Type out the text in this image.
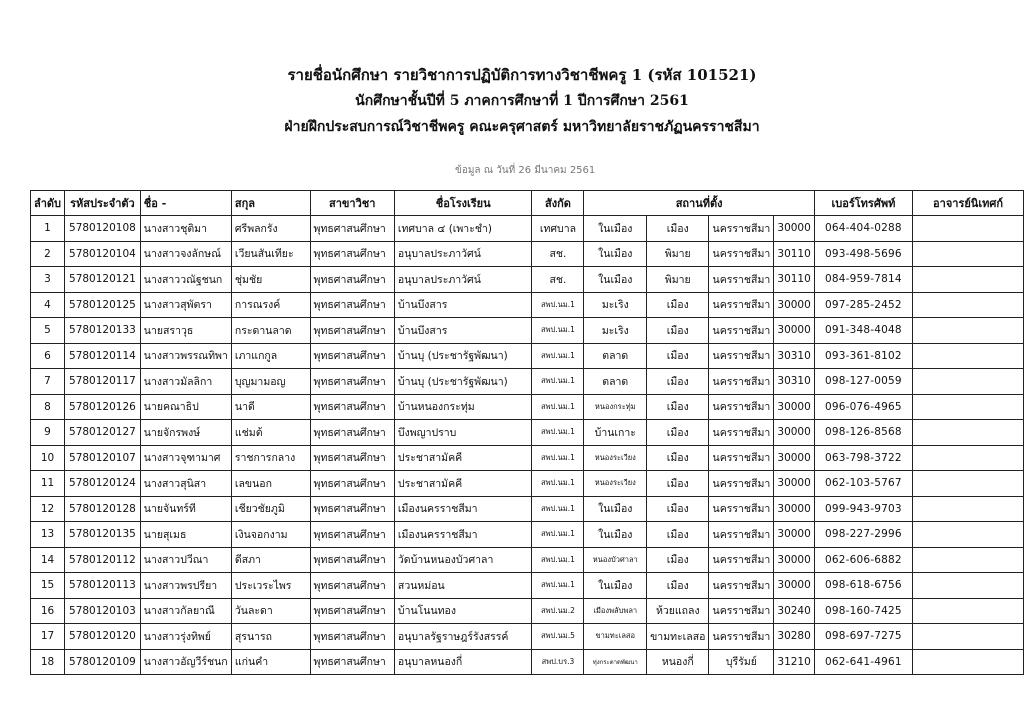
รายชื่อนักศึกษา รายวิชาการปฏิบัติการทางวิชาชีพครู 1 (รหัส 101521)
นักศึกษาชั้นปีที่ 5 ภาคการศึกษาที่ 1 ปีการศึกษา 2561
ฝ่ายฝึกประสบการณ์วิชาชีพครู คณะครุศาสตร์ มหาวิทยาลัยราชภัฏนครราชสีมา
ข้อมูล ณ วันที่ 26 มีนาคม 2561
ลำดับ	รหัสประจำตัว	ชื่อ -	สกุล	สาขาวิชา	ชื่อโรงเรียน	สังกัด	สถานที่ตั้ง				เบอร์โทรศัพท์	อาจารย์นิเทศก์
1	5780120108	นางสาวชุติมา	ศรีพลกรัง	พุทธศาสนศึกษา	เทศบาล ๔ (เพาะชำ)	เทศบาล	ในเมือง	เมือง	นครราชสีมา	30000	064-404-0288	
2	5780120104	นางสาวจงลักษณ์	เวียนสันเทียะ	พุทธศาสนศึกษา	อนุบาลประภาวัศน์	สช.	ในเมือง	พิมาย	นครราชสีมา	30110	093-498-5696	
3	5780120121	นางสาววณัฐชนก	ชุ่มชัย	พุทธศาสนศึกษา	อนุบาลประภาวัศน์	สช.	ในเมือง	พิมาย	นครราชสีมา	30110	084-959-7814	
4	5780120125	นางสาวสุพัตรา	การณรงค์	พุทธศาสนศึกษา	บ้านบึงสาร	สพป.นม.1	มะเริง	เมือง	นครราชสีมา	30000	097-285-2452	
5	5780120133	นายสราวุธ	กระดานลาด	พุทธศาสนศึกษา	บ้านบึงสาร	สพป.นม.1	มะเริง	เมือง	นครราชสีมา	30000	091-348-4048	
6	5780120114	นางสาวพรรณทิพา	เภาแกกูล	พุทธศาสนศึกษา	บ้านบุ (ประชารัฐพัฒนา)	สพป.นม.1	ตลาด	เมือง	นครราชสีมา	30310	093-361-8102	
7	5780120117	นางสาวมัลลิกา	บุญมามอญ	พุทธศาสนศึกษา	บ้านบุ (ประชารัฐพัฒนา)	สพป.นม.1	ตลาด	เมือง	นครราชสีมา	30310	098-127-0059	
8	5780120126	นายคณาธิป	นาดี	พุทธศาสนศึกษา	บ้านหนองกระทุ่ม	สพป.นม.1	หนองกระทุ่ม	เมือง	นครราชสีมา	30000	096-076-4965	
9	5780120127	นายจักรพงษ์	แช่มต้	พุทธศาสนศึกษา	บึงพญาปราบ	สพป.นม.1	บ้านเกาะ	เมือง	นครราชสีมา	30000	098-126-8568	
10	5780120107	นางสาวจุฑามาศ	ราชการกลาง	พุทธศาสนศึกษา	ประชาสามัคคี	สพป.นม.1	หนองระเวียง	เมือง	นครราชสีมา	30000	063-798-3722	
11	5780120124	นางสาวสุนิสา	เลขนอก	พุทธศาสนศึกษา	ประชาสามัคคี	สพป.นม.1	หนองระเวียง	เมือง	นครราชสีมา	30000	062-103-5767	
12	5780120128	นายจันทร์ที	เชียวชัยภูมิ	พุทธศาสนศึกษา	เมืองนครราชสีมา	สพป.นม.1	ในเมือง	เมือง	นครราชสีมา	30000	099-943-9703	
13	5780120135	นายสุเมธ	เงินจอกงาม	พุทธศาสนศึกษา	เมืองนครราชสีมา	สพป.นม.1	ในเมือง	เมือง	นครราชสีมา	30000	098-227-2996	
14	5780120112	นางสาวปวีณา	ดีสภา	พุทธศาสนศึกษา	วัดบ้านหนองบัวศาลา	สพป.นม.1	หนองบัวศาลา	เมือง	นครราชสีมา	30000	062-606-6882	
15	5780120113	นางสาวพรปรียา	ประเวระไพร	พุทธศาสนศึกษา	สวนหม่อน	สพป.นม.1	ในเมือง	เมือง	นครราชสีมา	30000	098-618-6756	
16	5780120103	นางสาวกัลยาณี	วันละดา	พุทธศาสนศึกษา	บ้านโนนทอง	สพป.นม.2	เมืองพลับพลา	ห้วยแถลง	นครราชสีมา	30240	098-160-7425	
17	5780120120	นางสาวรุ่งทิพย์	สุรนารถ	พุทธศาสนศึกษา	อนุบาลรัฐราษฎร์รังสรรค์	สพป.นม.5	ขามทะเลสอ	ขามทะเลสอ	นครราชสีมา	30280	098-697-7275	
18	5780120109	นางสาวอัญวีร์ชนก	แก่นคำ	พุทธศาสนศึกษา	อนุบาลหนองกี่	สพป.บร.3	ทุ่งกระตาดพัฒนา	หนองกี่	บุรีรัมย์	31210	062-641-4961	
